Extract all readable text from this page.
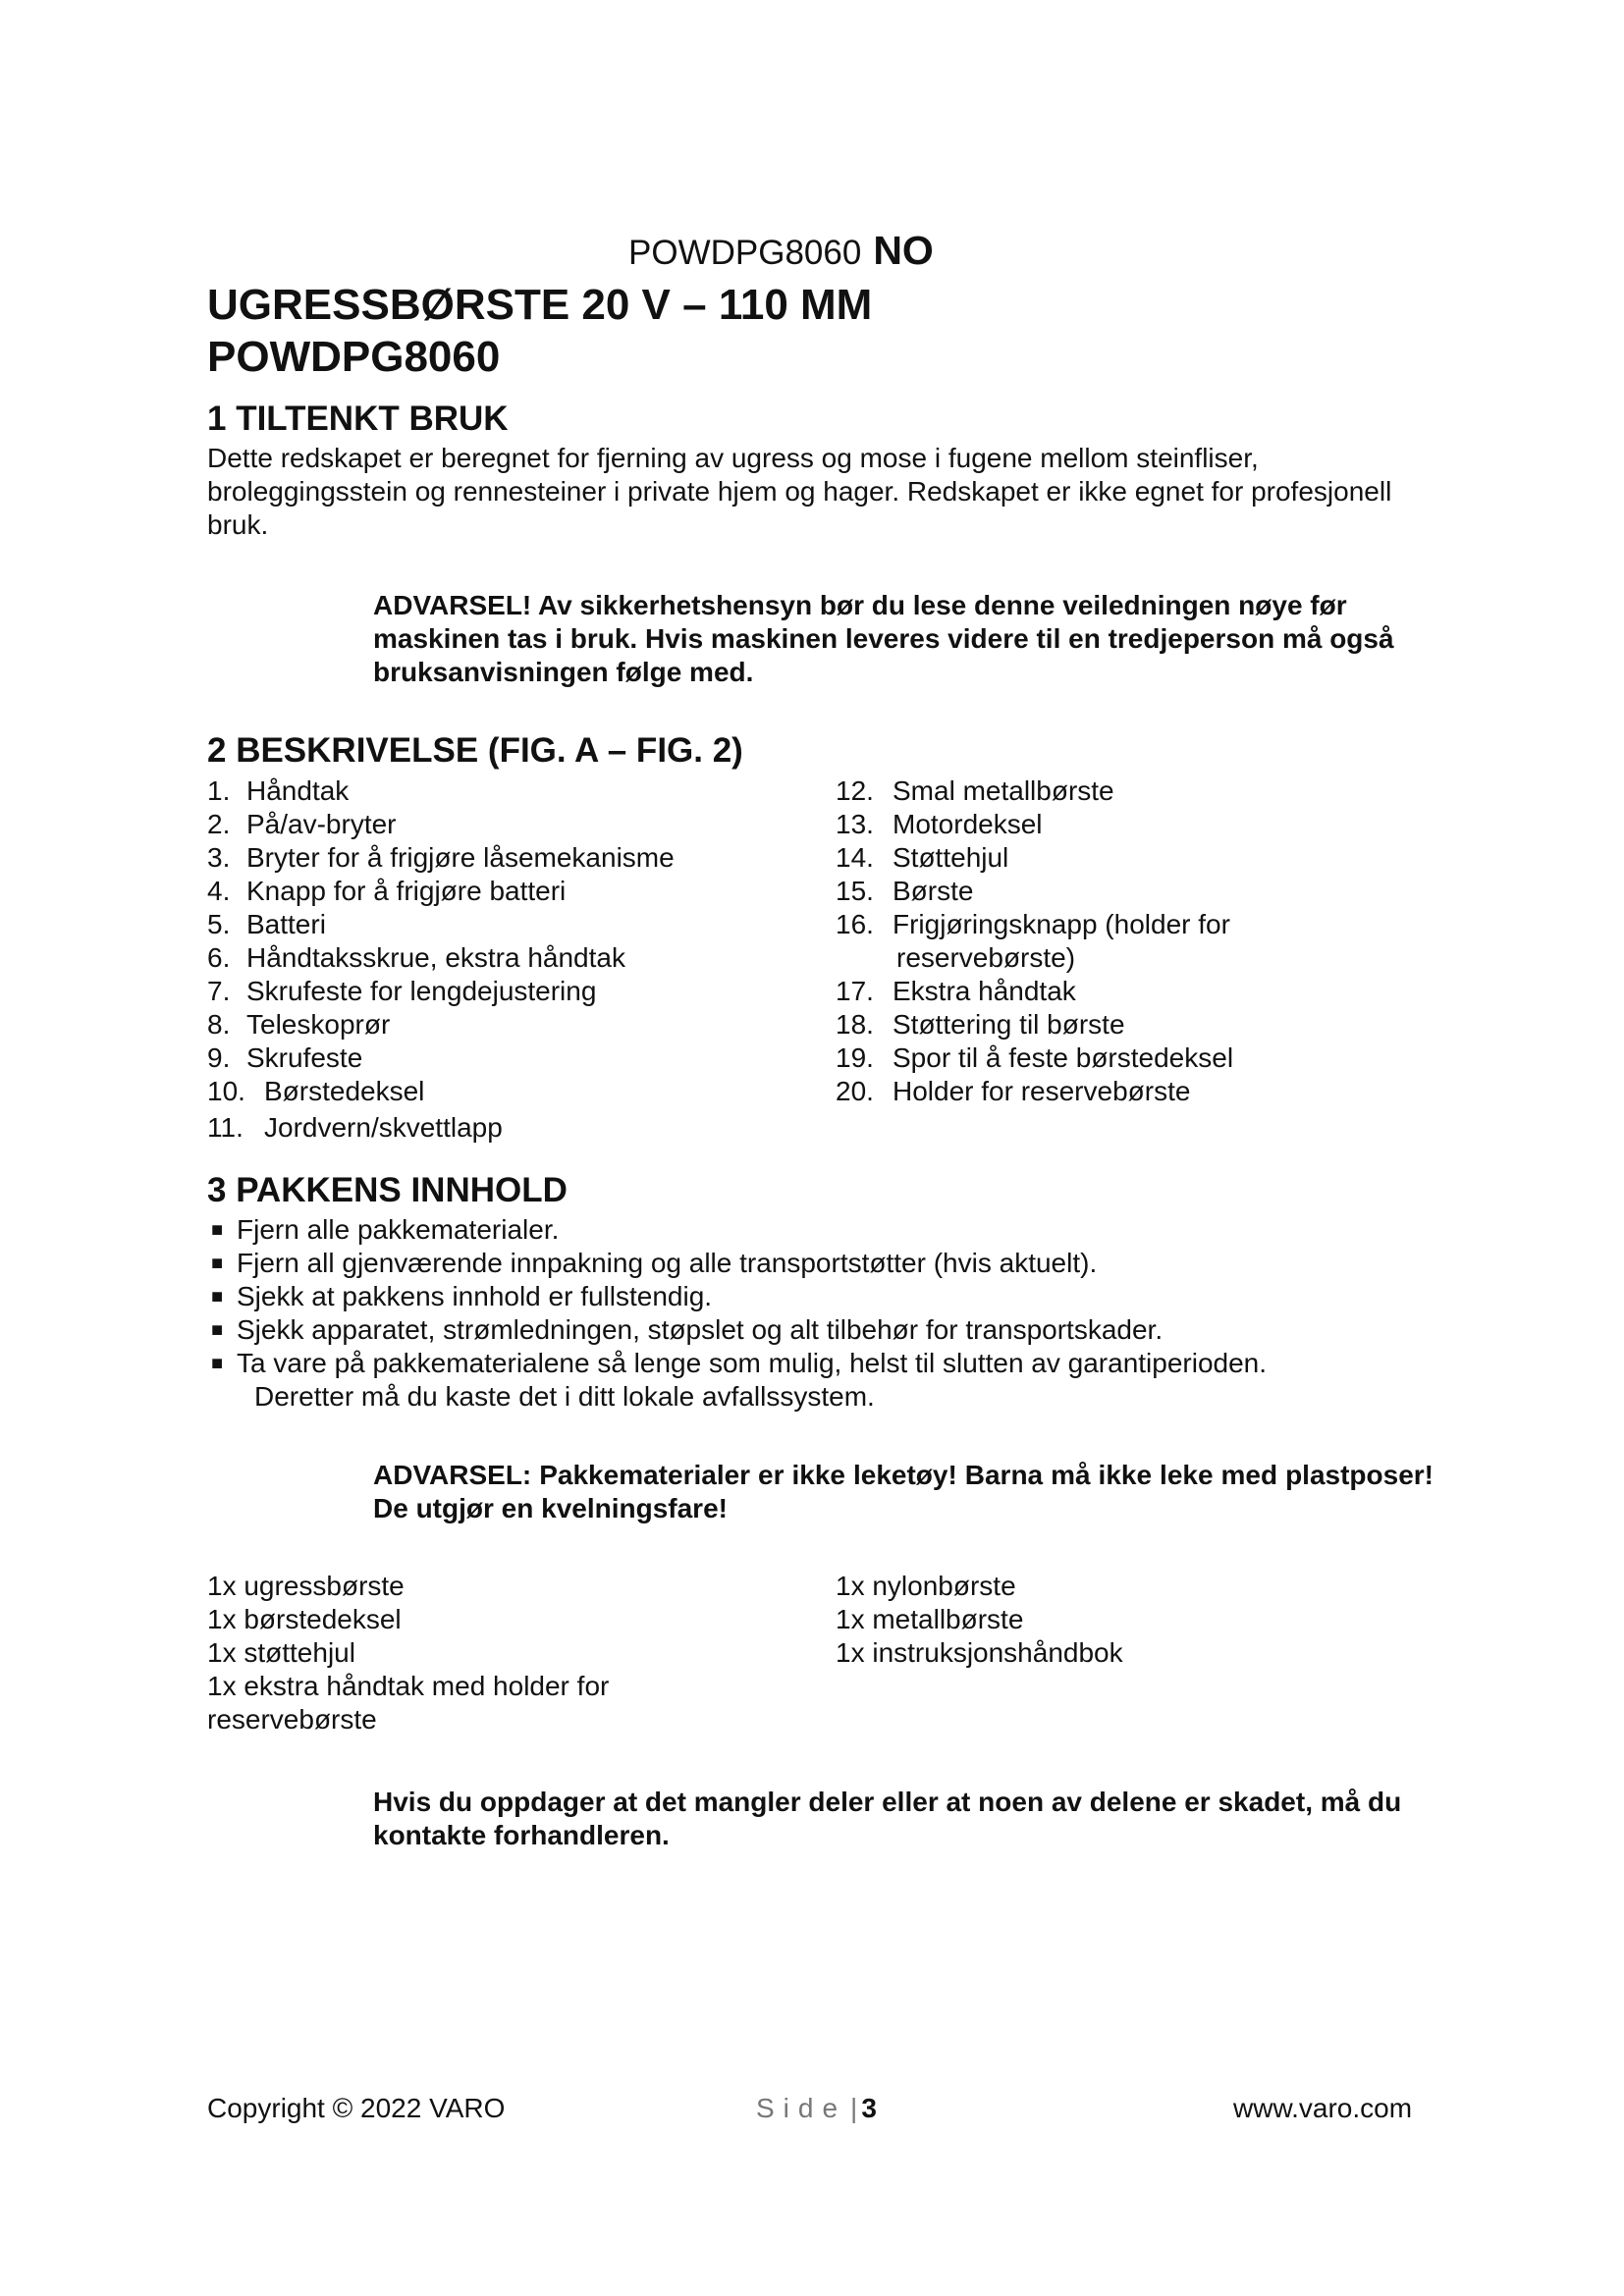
POWDPG8060 NO
UGRESSBØRSTE 20 V – 110 MM
POWDPG8060
1 TILTENKT BRUK

Dette redskapet er beregnet for fjerning av ugress og mose i fugene mellom steinfliser, broleggingsstein og rennesteiner i private hjem og hager. Redskapet er ikke egnet for profesjonell bruk.

ADVARSEL! Av sikkerhetshensyn bør du lese denne veiledningen nøye før maskinen tas i bruk. Hvis maskinen leveres videre til en tredjeperson må også bruksanvisningen følge med.

2 BESKRIVELSE (FIG. A – FIG. 2)
1. Håndtak
2. På/av-bryter
3. Bryter for å frigjøre låsemekanisme
4. Knapp for å frigjøre batteri
5. Batteri
6. Håndtaksskrue, ekstra håndtak
7. Skrufeste for lengdejustering
8. Teleskoprør
9. Skrufeste
10. Børstedeksel
11. Jordvern/skvettlapp
12. Smal metallbørste
13. Motordeksel
14. Støttehjul
15. Børste
16. Frigjøringsknapp (holder for
reservebørste)
17. Ekstra håndtak
18. Støttering til børste
19. Spor til å feste børstedeksel
20. Holder for reservebørste
3 PAKKENS INNHOLD
■ Fjern alle pakkematerialer.
■ Fjern all gjenværende innpakning og alle transportstøtter (hvis aktuelt).
■ Sjekk at pakkens innhold er fullstendig.
■ Sjekk apparatet, strømledningen, støpslet og alt tilbehør for transportskader.
■ Ta vare på pakkematerialene så lenge som mulig, helst til slutten av garantiperioden.
Deretter må du kaste det i ditt lokale avfallssystem.

ADVARSEL: Pakkematerialer er ikke leketøy! Barna må ikke leke med plastposer! De utgjør en kvelningsfare!

1x ugressbørste
1x børstedeksel
1x støttehjul
1x ekstra håndtak med holder for reservebørste
1x nylonbørste
1x metallbørste
1x instruksjonshåndbok

Hvis du oppdager at det mangler deler eller at noen av delene er skadet, må du kontakte forhandleren.

Copyright © 2022 VARO	Side | 3	www.varo.com
